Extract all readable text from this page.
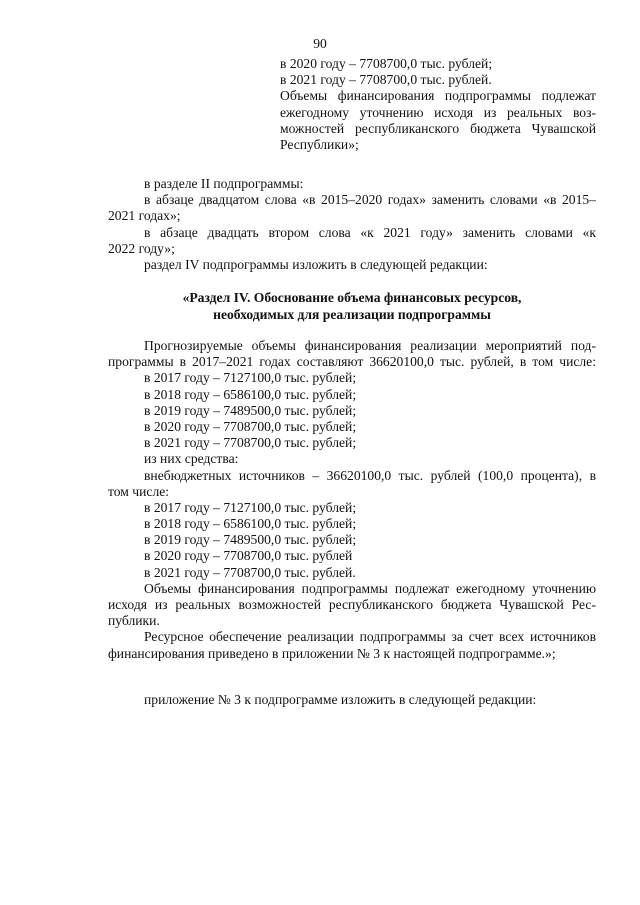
90
в 2020 году – 7708700,0 тыс. рублей;
в 2021 году – 7708700,0 тыс. рублей.
Объемы финансирования подпрограммы подлежат
ежегодному уточнению исходя из реальных воз-
можностей республиканского бюджета Чувашской
Республики»;
в разделе II подпрограммы:
в абзаце двадцатом слова «в 2015–2020 годах» заменить словами «в 2015–
2021 годах»;
в абзаце двадцать втором слова «к 2021 году» заменить словами «к
2022 году»;
раздел IV подпрограммы изложить в следующей редакции:
«Раздел IV. Обоснование объема финансовых ресурсов,
необходимых для реализации подпрограммы
Прогнозируемые объемы финансирования реализации мероприятий под-
программы в 2017–2021 годах составляют 36620100,0 тыс. рублей, в том числе:
в 2017 году – 7127100,0 тыс. рублей;
в 2018 году – 6586100,0 тыс. рублей;
в 2019 году – 7489500,0 тыс. рублей;
в 2020 году – 7708700,0 тыс. рублей;
в 2021 году – 7708700,0 тыс. рублей;
из них средства:
внебюджетных источников – 36620100,0 тыс. рублей (100,0 процента), в
том числе:
в 2017 году – 7127100,0 тыс. рублей;
в 2018 году – 6586100,0 тыс. рублей;
в 2019 году – 7489500,0 тыс. рублей;
в 2020 году – 7708700,0 тыс. рублей
в 2021 году – 7708700,0 тыс. рублей.
Объемы финансирования подпрограммы подлежат ежегодному уточнению
исходя из реальных возможностей республиканского бюджета Чувашской Рес-
публики.
Ресурсное обеспечение реализации подпрограммы за счет всех источников
финансирования приведено в приложении № 3 к настоящей подпрограмме.»;
приложение № 3 к подпрограмме изложить в следующей редакции:
